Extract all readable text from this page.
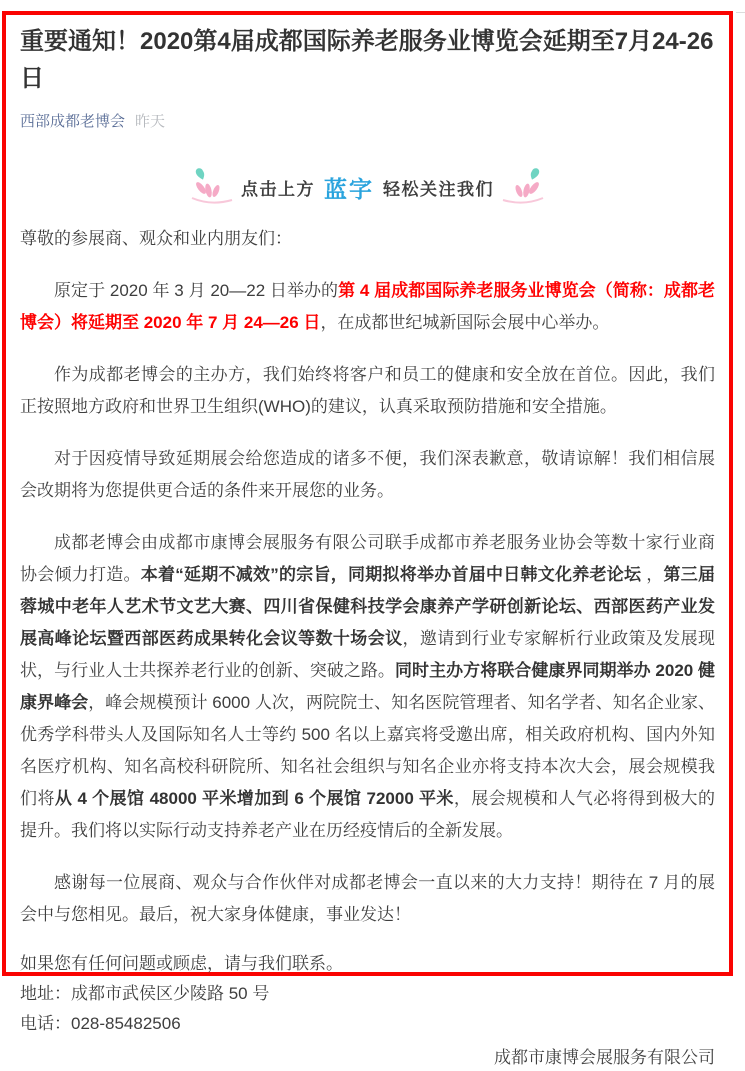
重要通知！2020第4届成都国际养老服务业博览会延期至7月24-26日
西部成都老博会 昨天
点击上方 蓝字 轻松关注我们

尊敬的参展商、观众和业内朋友们：

原定于 2020 年 3 月 20—22 日举办的第 4 届成都国际养老服务业博览会（简称：成都老博会）将延期至 2020 年 7 月 24—26 日，在成都世纪城新国际会展中心举办。

作为成都老博会的主办方，我们始终将客户和员工的健康和安全放在首位。因此，我们正按照地方政府和世界卫生组织(WHO)的建议，认真采取预防措施和安全措施。

对于因疫情导致延期展会给您造成的诸多不便，我们深表歉意，敬请谅解！我们相信展会改期将为您提供更合适的条件来开展您的业务。

成都老博会由成都市康博会展服务有限公司联手成都市养老服务业协会等数十家行业商协会倾力打造。本着“延期不减效”的宗旨，同期拟将举办首届中日韩文化养老论坛 ，第三届蓉城中老年人艺术节文艺大赛、四川省保健科技学会康养产学研创新论坛、西部医药产业发展高峰论坛暨西部医药成果转化会议等数十场会议，邀请到行业专家解析行业政策及发展现状，与行业人士共探养老行业的创新、突破之路。同时主办方将联合健康界同期举办 2020 健康界峰会，峰会规模预计 6000 人次，两院院士、知名医院管理者、知名学者、知名企业家、优秀学科带头人及国际知名人士等约 500 名以上嘉宾将受邀出席，相关政府机构、国内外知名医疗机构、知名高校科研院所、知名社会组织与知名企业亦将支持本次大会，展会规模我们将从 4 个展馆 48000 平米增加到 6 个展馆 72000 平米，展会规模和人气必将得到极大的提升。我们将以实际行动支持养老产业在历经疫情后的全新发展。

感谢每一位展商、观众与合作伙伴对成都老博会一直以来的大力支持！期待在 7 月的展会中与您相见。最后，祝大家身体健康，事业发达！

如果您有任何问题或顾虑，请与我们联系。

地址：成都市武侯区少陵路 50 号

电话：028-85482506

成都市康博会展服务有限公司
